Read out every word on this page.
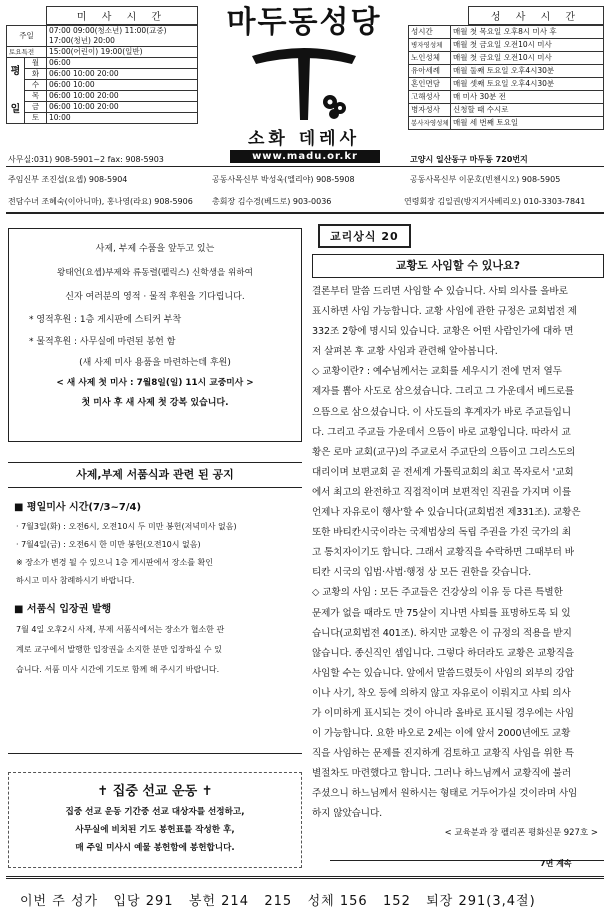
미 사 시 간
주일		07:00 09:00(청소년) 11:00(교중)
17:00(청년) 20:00

토요특전		15:00(어린이) 19:00(일반)

평
일	월	06:00
	화	06:00 10:00 20:00
	수	06:00 10:00
	목	06:00 10:00 20:00
	금	06:00 10:00 20:00
	토	10:00
마두동성당
소화 데레사
www.madu.or.kr
성 사 시 간
성시간	매월 첫 목요일 오후8시 미사 후
병자영성체	매월 첫 금요일 오전10시 미사
노인성체	매월 첫 금요일 오전10시 미사
유아세례	매월 둘째 토요일 오후4시30분
혼인면담	매월 셋째 토요일 오후4시30분
고해성사	매 미사 30분 전
병자성사	신청할 때 수시로
봉사자영성체	매월 세 번째 토요일
사무실:031) 908-5901~2 fax: 908-5903	고양시 일산동구 마두동 720번지
주임신부 조진섭(요셉) 908-5904	공동사목신부 박성욱(엘리야) 908-5908	공동사목신부 이문호(빈첸시오) 908-5905
전담수녀 조혜숙(이아니마), 홍나영(라요) 908-5906 총회장 김수경(베드로) 903-0036	연령회장 김일권(방지거사베리오) 010-3303-7841
사제, 부제 수품을 앞두고 있는
왕태언(요셉)부제와 류동렬(펠릭스) 신학생을 위하여
신자 여러분의 영적 · 물적 후원을 기다립니다.
* 영적후원 : 1층 게시판에 스티커 부착
* 물적후원 : 사무실에 마련된 봉헌 함
(새 사제 미사 용품을 마련하는데 후원)
< 새 사제 첫 미사 : 7월8일(일) 11시 교중미사 >
첫 미사 후 새 사제 첫 강복 있습니다.
사제,부제 서품식과 관련 된 공지
■ 평일미사 시간(7/3~7/4)
· 7월3일(화) : 오전6시, 오전10시 두 미만 봉헌(저녁미사 없음)
· 7월4일(금) : 오전6시 한 미만 봉헌(오전10시 없음)
※ 장소가 변경 될 수 있으니 1층 게시판에서 장소를 확인
하시고 미사 참례하시기 바랍니다.
■ 서품식 입장권 발행
7월 4일 오후2시 사제, 부제 서품식에서는 장소가 협소한 관
계로 교구에서 발행한 입장권을 소지한 분만 입장하실 수 있
습니다. 서품 미사 시간에 기도로 함께 해 주시기 바랍니다.
✝ 집중 선교 운동 ✝
집중 선교 운동 기간중 선교 대상자를 선정하고,
사무실에 비치된 기도 봉헌표를 작성한 후,
매 주일 미사시 예물 봉헌함에 봉헌합니다.
교리상식 20
교황도 사임할 수 있나요?
결론부터 말씀 드리면 사임할 수 있습니다. 사퇴 의사를 올바로
표시하면 사임 가능합니다. 교황 사임에 관한 규정은 교회법전 제
332조 2항에 명시되 있습니다. 교황은 어떤 사람인가에 대하 면
저 살펴본 후 교황 사임과 관련해 알아봅니다.
◇ 교황이란? : 예수님께서는 교회를 세우시기 전에 먼저 열두
제자를 뽑아 사도로 삼으셨습니다. 그리고 그 가운데서 베드로를
으뜸으로 삼으셨습니다. 이 사도들의 후계자가 바로 주교들입니
다. 그리고 주교들 가운데서 으뜸이 바로 교황입니다. 따라서 교
황은 로마 교회(교구)의 주교로서 주교단의 으뜸이고 그리스도의
대리이며 보편교회 곧 전세계 가톨릭교회의 최고 목자로서 '교회
에서 최고의 완전하고 직접적이며 보편적인 직권을 가지며 이를
언제나 자유로이 행사'할 수 있습니다(교회법전 제331조). 교황은
또한 바티칸시국이라는 국제법상의 독립 주권을 가진 국가의 최
고 통치자이기도 합니다. 그래서 교황직을 수락하면 그때부터 바
티칸 시국의 입법·사법·행정 상 모든 권한을 갖습니다.
◇ 교황의 사임 : 모든 주교들은 건강상의 이유 등 다른 특별한
문제가 없을 때라도 만 75살이 지나면 사퇴를 표명하도록 되 있
습니다(교회법전 401조). 하지만 교황은 이 규정의 적용을 받지
않습니다. 종신직인 셈입니다. 그렇다 하더라도 교황은 교황직을
사임할 수는 있습니다. 앞에서 말씀드렸듯이 사임의 외부의 강압
이나 사기, 착오 등에 의하지 않고 자유로이 이뤄지고 사퇴 의사
가 이미하게 표시되는 것이 아니라 올바로 표시될 경우에는 사임
이 가능합니다. 요한 바오로 2세는 이에 앞서 2000년에도 교황
직을 사임하는 문제를 진지하게 검토하고 교황직 사임을 위한 특
별절차도 마련했다고 합니다. 그러나 하느님께서 교황직에 불러
주셨으니 하느님께서 원하시는 형태로 거두어가실 것이라며 사임
하지 않았습니다.
< 교육분과 장 펠리폰 평화신문 927호 >
7면 계속
이번 주 성가   입당 291   봉헌 214   215   성체 156   152   퇴장 291(3,4절)
